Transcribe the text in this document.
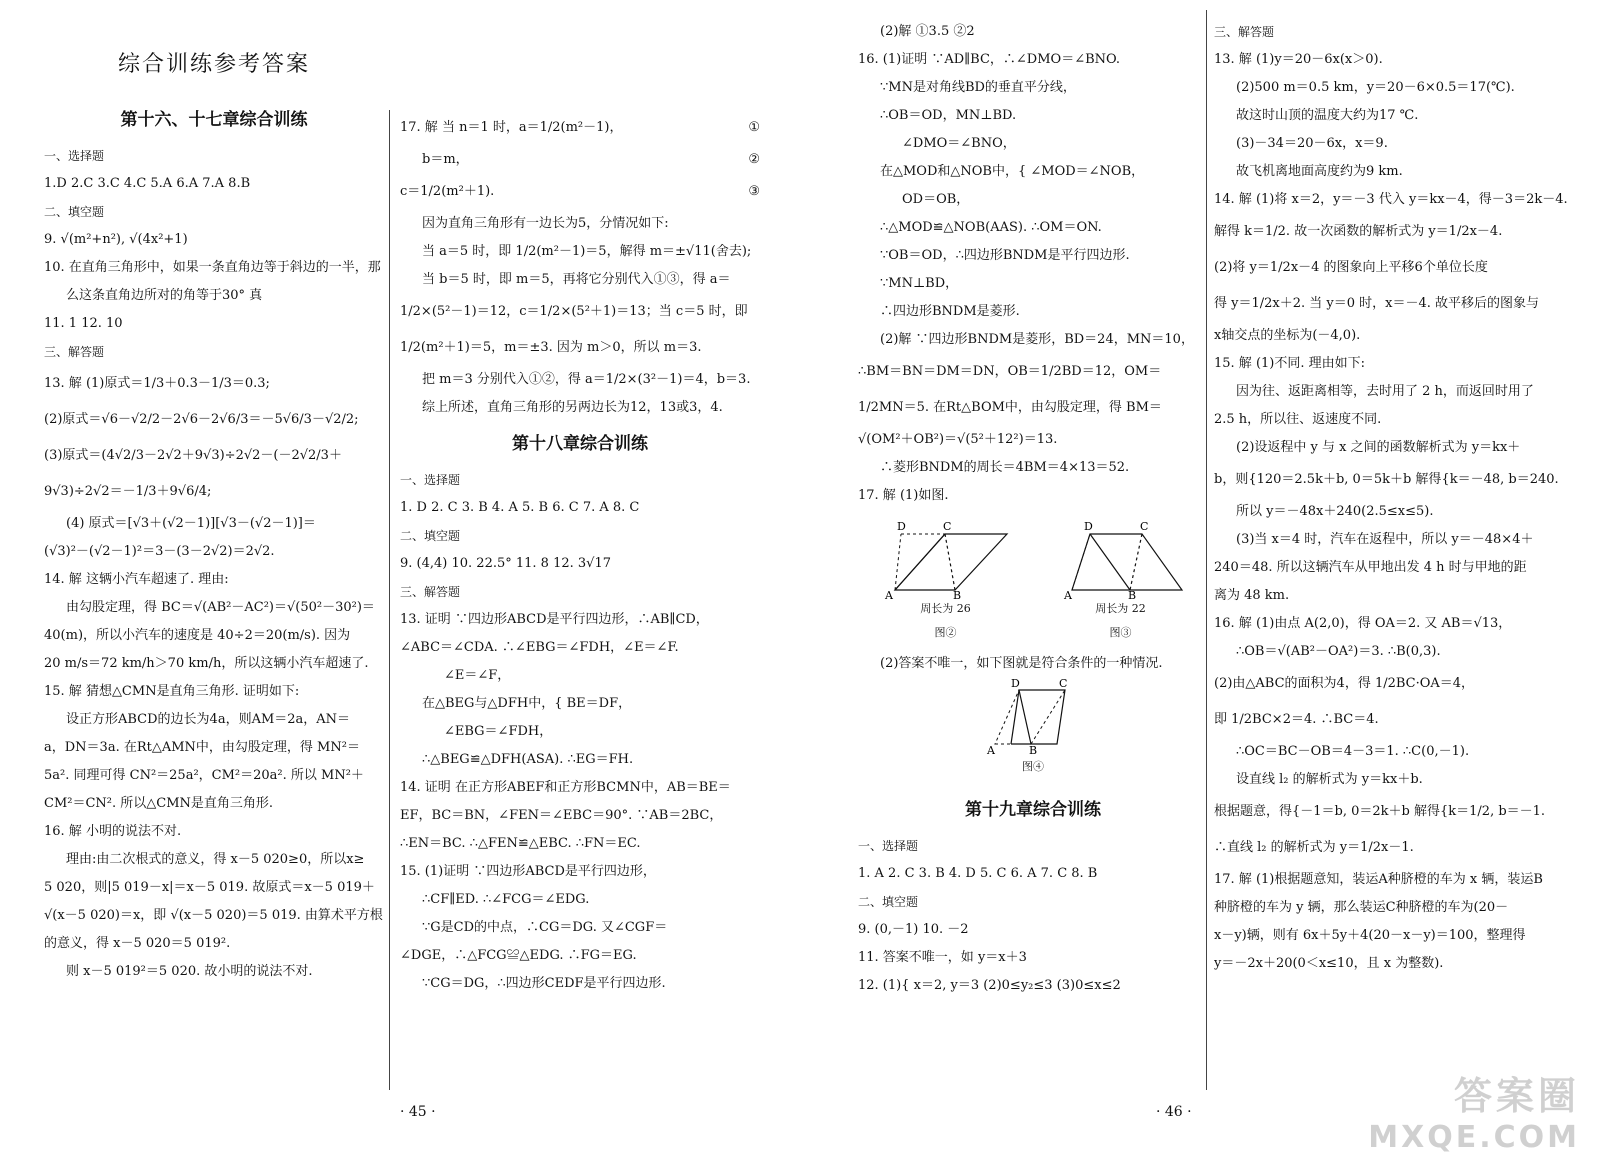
综合训练参考答案
第十六、十七章综合训练
一、选择题
1.D 2.C 3.C 4.C 5.A 6.A 7.A 8.B
二、填空题
9. √(m²+n²), √(4x²+1)
10. 在直角三角形中，如果一条直角边等于斜边的一半，那
么这条直角边所对的角等于30° 真
11. 1 12. 10
三、解答题
13. 解 (1)原式＝1/3＋0.3－1/3＝0.3;
(2)原式＝√6－√2/2－2√6－2√6/3＝－5√6/3－√2/2;
(3)原式＝(4√2/3－2√2＋9√3)÷2√2－(－2√2/3＋
9√3)÷2√2＝－1/3＋9√6/4;
(4) 原式＝[√3＋(√2－1)][√3－(√2－1)]＝
(√3)²－(√2－1)²＝3－(3－2√2)＝2√2.
14. 解 这辆小汽车超速了. 理由:
由勾股定理，得 BC＝√(AB²－AC²)＝√(50²－30²)＝
40(m)，所以小汽车的速度是 40÷2＝20(m/s). 因为
20 m/s＝72 km/h＞70 km/h，所以这辆小汽车超速了.
15. 解 猜想△CMN是直角三角形. 证明如下:
设正方形ABCD的边长为4a，则AM＝2a，AN＝
a，DN＝3a. 在Rt△AMN中，由勾股定理，得 MN²＝
5a². 同理可得 CN²＝25a²，CM²＝20a². 所以 MN²＋
CM²＝CN². 所以△CMN是直角三角形.
16. 解 小明的说法不对.
理由:由二次根式的意义，得 x－5 020≥0，所以x≥
5 020，则|5 019－x|＝x－5 019. 故原式＝x－5 019＋
√(x－5 020)＝x，即 √(x－5 020)＝5 019. 由算术平方根
的意义，得 x－5 020＝5 019².
则 x－5 019²＝5 020. 故小明的说法不对.
17. 解 当 n＝1 时，a＝1/2(m²－1)，	①
b＝m，	②
c＝1/2(m²＋1).	③
因为直角三角形有一边长为5，分情况如下:
当 a＝5 时，即 1/2(m²－1)＝5，解得 m＝±√11(舍去);
当 b＝5 时，即 m＝5，再将它分别代入①③，得 a＝
1/2×(5²－1)＝12，c＝1/2×(5²＋1)＝13；当 c＝5 时，即
1/2(m²＋1)＝5，m＝±3. 因为 m＞0，所以 m＝3.
把 m＝3 分别代入①②，得 a＝1/2×(3²－1)＝4，b＝3.
综上所述，直角三角形的另两边长为12，13或3，4.
第十八章综合训练
一、选择题
1. D 2. C 3. B 4. A 5. B 6. C 7. A 8. C
二、填空题
9. (4,4) 10. 22.5° 11. 8 12. 3√17
三、解答题
13. 证明 ∵四边形ABCD是平行四边形，∴AB∥CD，
∠ABC＝∠CDA. ∴∠EBG＝∠FDH，∠E＝∠F.
∠E＝∠F，
在△BEG与△DFH中，{ BE＝DF，
∠EBG＝∠FDH，
∴△BEG≌△DFH(ASA). ∴EG＝FH.
14. 证明 在正方形ABEF和正方形BCMN中，AB＝BE＝
EF，BC＝BN，∠FEN＝∠EBC＝90°. ∵AB＝2BC，
∴EN＝BC. ∴△FEN≌△EBC. ∴FN＝EC.
15. (1)证明 ∵四边形ABCD是平行四边形，
∴CF∥ED. ∴∠FCG＝∠EDG.
∵G是CD的中点，∴CG＝DG. 又∠CGF＝
∠DGE，∴△FCG≌△EDG. ∴FG＝EG.
∵CG＝DG，∴四边形CEDF是平行四边形.
(2)解 ①3.5 ②2
16. (1)证明 ∵AD∥BC，∴∠DMO＝∠BNO.
∵MN是对角线BD的垂直平分线，
∴OB＝OD，MN⊥BD.
∠DMO＝∠BNO，
在△MOD和△NOB中，{ ∠MOD＝∠NOB，
OD＝OB，
∴△MOD≌△NOB(AAS). ∴OM＝ON.
∵OB＝OD，∴四边形BNDM是平行四边形.
∵MN⊥BD，
∴四边形BNDM是菱形.
(2)解 ∵四边形BNDM是菱形，BD＝24，MN＝10，
∴BM＝BN＝DM＝DN，OB＝1/2BD＝12，OM＝
1/2MN＝5. 在Rt△BOM中，由勾股定理，得 BM＝
√(OM²＋OB²)＝√(5²＋12²)＝13.
∴菱形BNDM的周长＝4BM＝4×13＝52.
17. 解 (1)如图.
D	C
A	B
周长为 26
图②
D	C
A	B
周长为 22
图③
(2)答案不唯一，如下图就是符合条件的一种情况.
D	C
A	B
图④
第十九章综合训练
一、选择题
1. A 2. C 3. B 4. D 5. C 6. A 7. C 8. B
二、填空题
9. (0,－1) 10. －2
11. 答案不唯一，如 y＝x＋3
12. (1){ x＝2, y＝3 (2)0≤y₂≤3 (3)0≤x≤2
三、解答题
13. 解 (1)y＝20－6x(x＞0).
(2)500 m＝0.5 km，y＝20－6×0.5＝17(℃).
故这时山顶的温度大约为17 ℃.
(3)－34＝20－6x，x＝9.
故飞机离地面高度约为9 km.
14. 解 (1)将 x＝2，y＝－3 代入 y＝kx－4，得－3＝2k－4.
解得 k＝1/2. 故一次函数的解析式为 y＝1/2x－4.
(2)将 y＝1/2x－4 的图象向上平移6个单位长度
得 y＝1/2x＋2. 当 y＝0 时，x＝－4. 故平移后的图象与
x轴交点的坐标为(－4,0).
15. 解 (1)不同. 理由如下:
因为往、返距离相等，去时用了 2 h，而返回时用了
2.5 h，所以往、返速度不同.
(2)设返程中 y 与 x 之间的函数解析式为 y＝kx＋
b，则{120＝2.5k＋b, 0＝5k＋b 解得{k＝－48, b＝240.
所以 y＝－48x＋240(2.5≤x≤5).
(3)当 x＝4 时，汽车在返程中，所以 y＝－48×4＋
240＝48. 所以这辆汽车从甲地出发 4 h 时与甲地的距
离为 48 km.
16. 解 (1)由点 A(2,0)，得 OA＝2. 又 AB＝√13，
∴OB＝√(AB²－OA²)＝3. ∴B(0,3).
(2)由△ABC的面积为4，得 1/2BC·OA＝4，
即 1/2BC×2＝4. ∴BC＝4.
∴OC＝BC－OB＝4－3＝1. ∴C(0,－1).
设直线 l₂ 的解析式为 y＝kx＋b.
根据题意，得{－1＝b, 0＝2k＋b 解得{k＝1/2, b＝－1.
∴直线 l₂ 的解析式为 y＝1/2x－1.
17. 解 (1)根据题意知，装运A种脐橙的车为 x 辆，装运B
种脐橙的车为 y 辆，那么装运C种脐橙的车为(20－
x－y)辆，则有 6x＋5y＋4(20－x－y)＝100，整理得
y＝－2x＋20(0＜x≤10，且 x 为整数).
· 45 ·	· 46 ·	答案圈
MXQE.COM
